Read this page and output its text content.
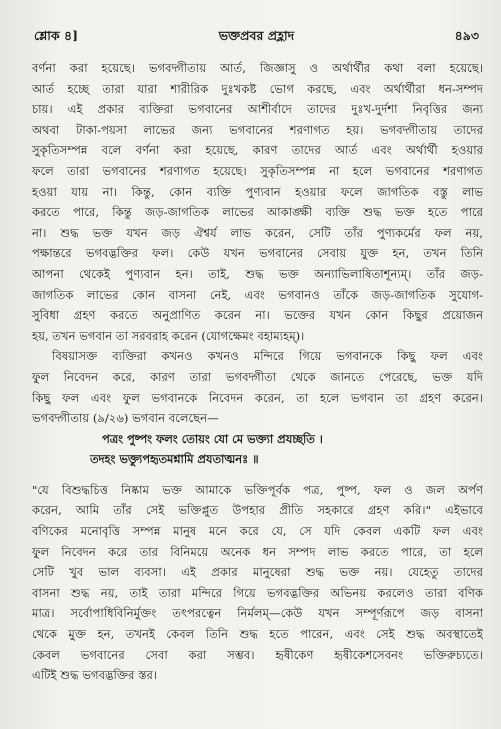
শ্লোক ৪]	ভক্তপ্রবর প্রহ্লাদ	৪৯৩
বর্ণনা করা হয়েছে। ভগবদ্গীতায় আর্ত, জিজ্ঞাসু ও অর্থার্থীর কথা বলা হয়েছে।
আর্ত হচ্ছে তারা যারা শারীরিক দুঃখকষ্ট ভোগ করছে, এবং অর্থার্থীরা ধন-সম্পদ
চায়। এই প্রকার ব্যক্তিরা ভগবানের আশীর্বাদে তাদের দুঃখ-দুর্দশা নিবৃত্তির জন্য
অথবা টাকা-পয়সা লাভের জন্য ভগবানের শরণাগত হয়। ভগবদ্গীতায় তাদের
সুকৃতিসম্পন্ন বলে বর্ণনা করা হয়েছে, কারণ তাদের আর্ত এবং অর্থার্থী হওয়ার
ফলে তারা ভগবানের শরণাগত হয়েছে। সুকৃতিসম্পন্ন না হলে ভগবানের শরণাগত
হওয়া যায় না। কিন্তু, কোন ব্যক্তি পুণ্যবান হওয়ার ফলে জাগতিক বস্তু লাভ
করতে পারে, কিন্তু জড়-জাগতিক লাভের আকাঙ্ক্ষী ব্যক্তি শুদ্ধ ভক্ত হতে পারে
না। শুদ্ধ ভক্ত যখন জড় ঐশ্বর্য লাভ করেন, সেটি তাঁর পুণ্যকর্মের ফল নয়,
পক্ষান্তরে ভগবদ্ভক্তির ফল। কেউ যখন ভগবানের সেবায় যুক্ত হন, তখন তিনি
আপনা থেকেই পুণ্যবান হন। তাই, শুদ্ধ ভক্ত অন্যাভিলাষিতাশূন্যম্। তাঁর জড়-
জাগতিক লাভের কোন বাসনা নেই, এবং ভগবানও তাঁকে জড়-জাগতিক সুযোগ-
সুবিধা গ্রহণ করতে অনুপ্রাণিত করেন না। ভক্তের যখন কোন কিছুর প্রয়োজন
হয়, তখন ভগবান তা সরবরাহ করেন (যোগক্ষেমং বহাম্যহম্)।
বিষয়াসক্ত ব্যক্তিরা কখনও কখনও মন্দিরে গিয়ে ভগবানকে কিছু ফল এবং
ফুল নিবেদন করে, কারণ তারা ভগবদ্গীতা থেকে জানতে পেরেছে, ভক্ত যদি
কিছু ফল এবং ফুল ভগবানকে নিবেদন করেন, তা হলে ভগবান তা গ্রহণ করেন।
ভগবদ্গীতায় (৯/২৬) ভগবান বলেছেন—
পত্রং পুষ্পং ফলং তোয়ং যো মে ভক্ত্যা প্রযচ্ছতি ।
তদহং ভক্ত্যুপহৃতমশ্নামি প্রযতাত্মনঃ ॥
"যে বিশুদ্ধচিত্ত নিষ্কাম ভক্ত আমাকে ভক্তিপূর্বক পত্র, পুষ্প, ফল ও জল অর্পণ
করেন, আমি তাঁর সেই ভক্তিপ্লুত উপহার প্রীতি সহকারে গ্রহণ করি।" এইভাবে
বণিকের মনোবৃত্তি সম্পন্ন মানুষ মনে করে যে, সে যদি কেবল একটি ফল এবং
ফুল নিবেদন করে তার বিনিময়ে অনেক ধন সম্পদ লাভ করতে পারে, তা হলে
সেটি খুব ভাল ব্যবসা। এই প্রকার মানুষেরা শুদ্ধ ভক্ত নয়। যেহেতু তাদের
বাসনা শুদ্ধ নয়, তাই তারা মন্দিরে গিয়ে ভগবদ্ভক্তির অভিনয় করলেও তারা বণিক
মাত্র। সর্বোপাধিবিনির্মুক্তং তৎপরত্বেন নির্মলম্—কেউ যখন সম্পূর্ণরূপে জড় বাসনা
থেকে মুক্ত হন, তখনই কেবল তিনি শুদ্ধ হতে পারেন, এবং সেই শুদ্ধ অবস্থাতেই
কেবল ভগবানের সেবা করা সম্ভব। হৃষীকেণ হৃষীকেশসেবনং ভক্তিরুচ্যতে।
এটিই শুদ্ধ ভগবদ্ভক্তির স্তর।
